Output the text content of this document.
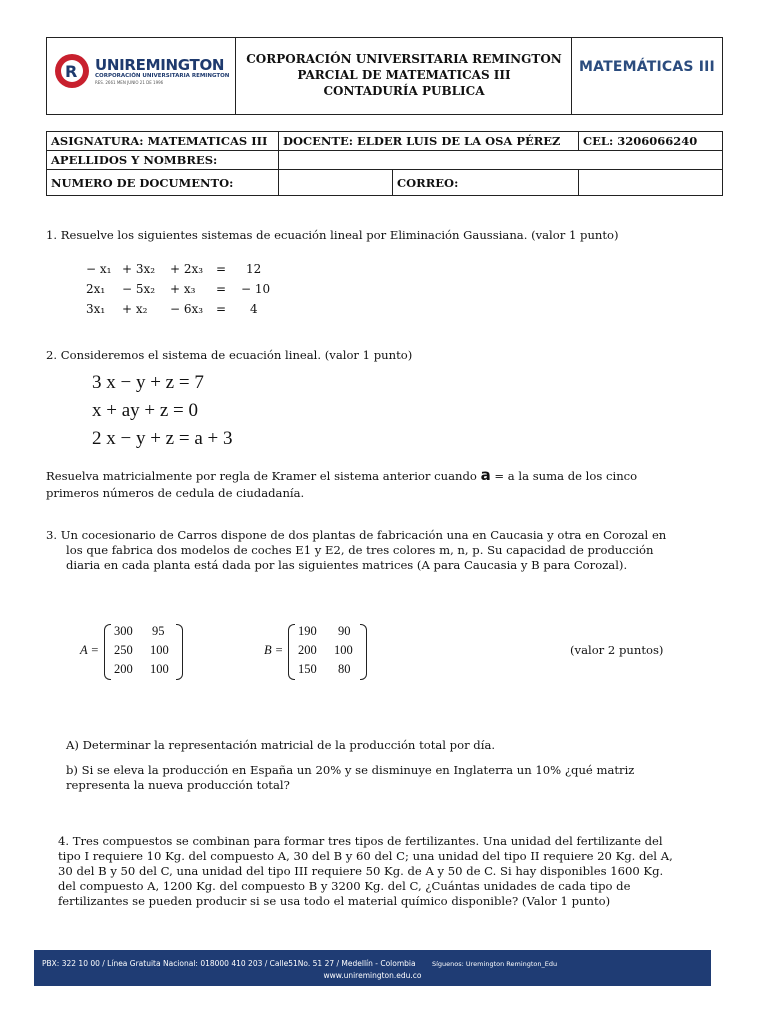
R UNIREMINGTON
CORPORACIÓN UNIVERSITARIA REMINGTON
RES. 2661 MEN JUNIO 21 DE 1996
CORPORACIÓN UNIVERSITARIA REMINGTON
PARCIAL DE MATEMATICAS III
CONTADURÍA PUBLICA
MATEMÁTICAS III
ASIGNATURA: MATEMATICAS III	DOCENTE: ELDER LUIS DE LA OSA PÉREZ		CEL: 3206066240
APELLIDOS Y NOMBRES:			
NUMERO DE DOCUMENTO:		CORREO:	
1. Resuelve los siguientes sistemas de ecuación lineal por Eliminación Gaussiana. (valor 1 punto)
− x₁ + 3x₂ + 2x₃ = 12
2x₁ − 5x₂ + x₃ = − 10
3x₁ + x₂ − 6x₃ = 4
2. Consideremos el sistema de ecuación lineal. (valor 1 punto)
3 x − y + z = 7
x + ay + z = 0
2 x − y + z = a + 3
Resuelva matricialmente por regla de Kramer el sistema anterior cuando a = a la suma de los cinco
primeros números de cedula de ciudadanía.
3. Un cocesionario de Carros dispone de dos plantas de fabricación una en Caucasia y otra en Corozal en
los que fabrica dos modelos de coches E1 y E2, de tres colores m, n, p. Su capacidad de producción
diaria en cada planta está dada por las siguientes matrices (A para Caucasia y B para Corozal).
A =
300 95
250 100
200 100
B =
190 90
200 100
150 80
(valor 2 puntos)
A) Determinar la representación matricial de la producción total por día.
b) Si se eleva la producción en España un 20% y se disminuye en Inglaterra un 10% ¿qué matriz
representa la nueva producción total?
4. Tres compuestos se combinan para formar tres tipos de fertilizantes. Una unidad del fertilizante del
tipo I requiere 10 Kg. del compuesto A, 30 del B y 60 del C; una unidad del tipo II requiere 20 Kg. del A,
30 del B y 50 del C, una unidad del tipo III requiere 50 Kg. de A y 50 de C. Si hay disponibles 1600 Kg.
del compuesto A, 1200 Kg. del compuesto B y 3200 Kg. del C, ¿Cuántas unidades de cada tipo de
fertilizantes se pueden producir si se usa todo el material químico disponible? (Valor 1 punto)
PBX: 322 10 00 / Línea Gratuita Nacional: 018000 410 203 / Calle51No. 51 27 / Medellín - Colombia	Síguenos: Uremington Remington_Edu
www.uniremington.edu.co
